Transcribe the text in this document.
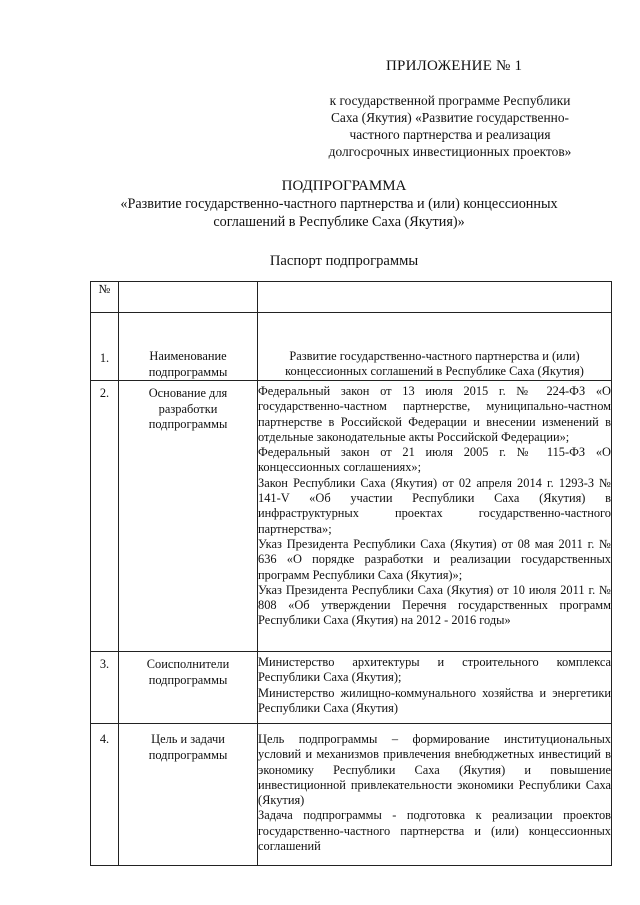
ПРИЛОЖЕНИЕ № 1
к государственной программе Республики
Саха (Якутия) «Развитие государственно-
частного партнерства и реализация
долгосрочных инвестиционных проектов»
ПОДПРОГРАММА
«Развитие государственно-частного партнерства и (или) концессионных
соглашений в Республике Саха (Якутия)»
Паспорт подпрограммы
№		
1.	Наименование подпрограммы	Развитие государственно-частного партнерства и (или) концессионных соглашений в Республике Саха (Якутия)

2.	Основание для разработки подпрограммы	Федеральный закон от 13 июля 2015 г. № 224-ФЗ «О государственно-частном партнерстве, муниципально-частном партнерстве в Российской Федерации и внесении изменений в отдельные законодательные акты Российской Федерации»;
Федеральный закон от 21 июля 2005 г. № 115-ФЗ «О концессионных соглашениях»;
Закон Республики Саха (Якутия) от 02 апреля 2014 г. 1293-З № 141-V «Об участии Республики Саха (Якутия) в инфраструктурных проектах государственно-частного партнерства»;
Указ Президента Республики Саха (Якутия) от 08 мая 2011 г. № 636 «О порядке разработки и реализации государственных программ Республики Саха (Якутия)»;
Указ Президента Республики Саха (Якутия) от 10 июля 2011 г. № 808 «Об утверждении Перечня государственных программ Республики Саха (Якутия) на 2012 - 2016 годы»

3.	Соисполнители подпрограммы	Министерство архитектуры и строительного комплекса Республики Саха (Якутия);
Министерство жилищно-коммунального хозяйства и энергетики Республики Саха (Якутия)

4.	Цель и задачи подпрограммы	Цель подпрограммы – формирование институциональных условий и механизмов привлечения внебюджетных инвестиций в экономику Республики Саха (Якутия) и повышение инвестиционной привлекательности экономики Республики Саха (Якутия)
Задача подпрограммы - подготовка к реализации проектов государственно-частного партнерства и (или) концессионных соглашений
